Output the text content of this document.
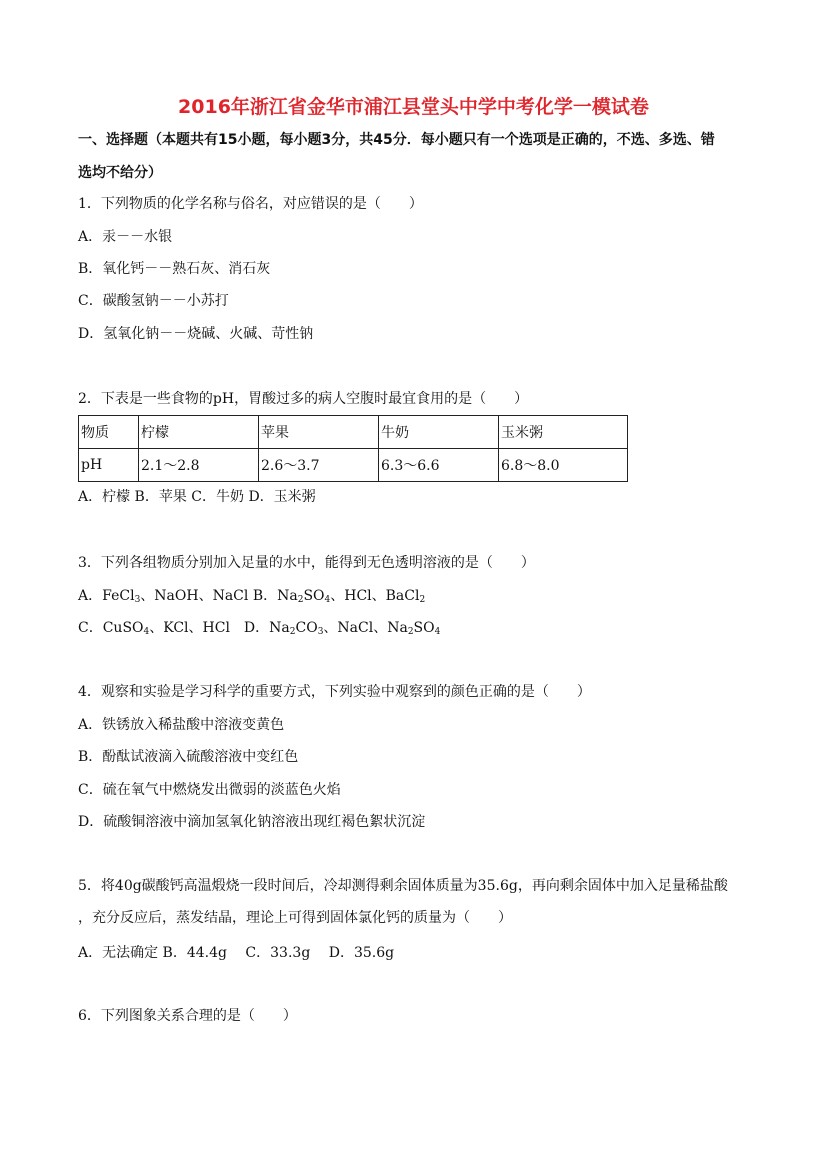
2016年浙江省金华市浦江县堂头中学中考化学一模试卷
一、选择题（本题共有15小题，每小题3分，共45分．每小题只有一个选项是正确的，不选、多选、错
选均不给分）
1．下列物质的化学名称与俗名，对应错误的是（　　）
A．汞－－水银
B．氧化钙－－熟石灰、消石灰
C．碳酸氢钠－－小苏打
D．氢氧化钠－－烧碱、火碱、苛性钠
2．下表是一些食物的pH，胃酸过多的病人空腹时最宜食用的是（　　）
物质	柠檬	苹果	牛奶	玉米粥
pH	2.1～2.8	2.6～3.7	6.3～6.6	6.8～8.0
A．柠檬 B．苹果 C．牛奶 D．玉米粥
3．下列各组物质分别加入足量的水中，能得到无色透明溶液的是（　　）
A．FeCl$_3$、NaOH、NaCl B．$Na_2SO_4$、HCl、BaCl$_2$
C．CuSO$_4$、KCl、HCl　D．$Na_2CO_3$、NaCl、$Na_2SO_4$
4．观察和实验是学习科学的重要方式，下列实验中观察到的颜色正确的是（　　）
A．铁锈放入稀盐酸中溶液变黄色
B．酚酞试液滴入硫酸溶液中变红色
C．硫在氧气中燃烧发出微弱的淡蓝色火焰
D．硫酸铜溶液中滴加氢氧化钠溶液出现红褐色絮状沉淀
5．将40g碳酸钙高温煅烧一段时间后，冷却测得剩余固体质量为35.6g，再向剩余固体中加入足量稀盐酸
，充分反应后，蒸发结晶，理论上可得到固体氯化钙的质量为（　　）
A．无法确定 B．44.4g　 C．33.3g　 D．35.6g
6．下列图象关系合理的是（　　）
